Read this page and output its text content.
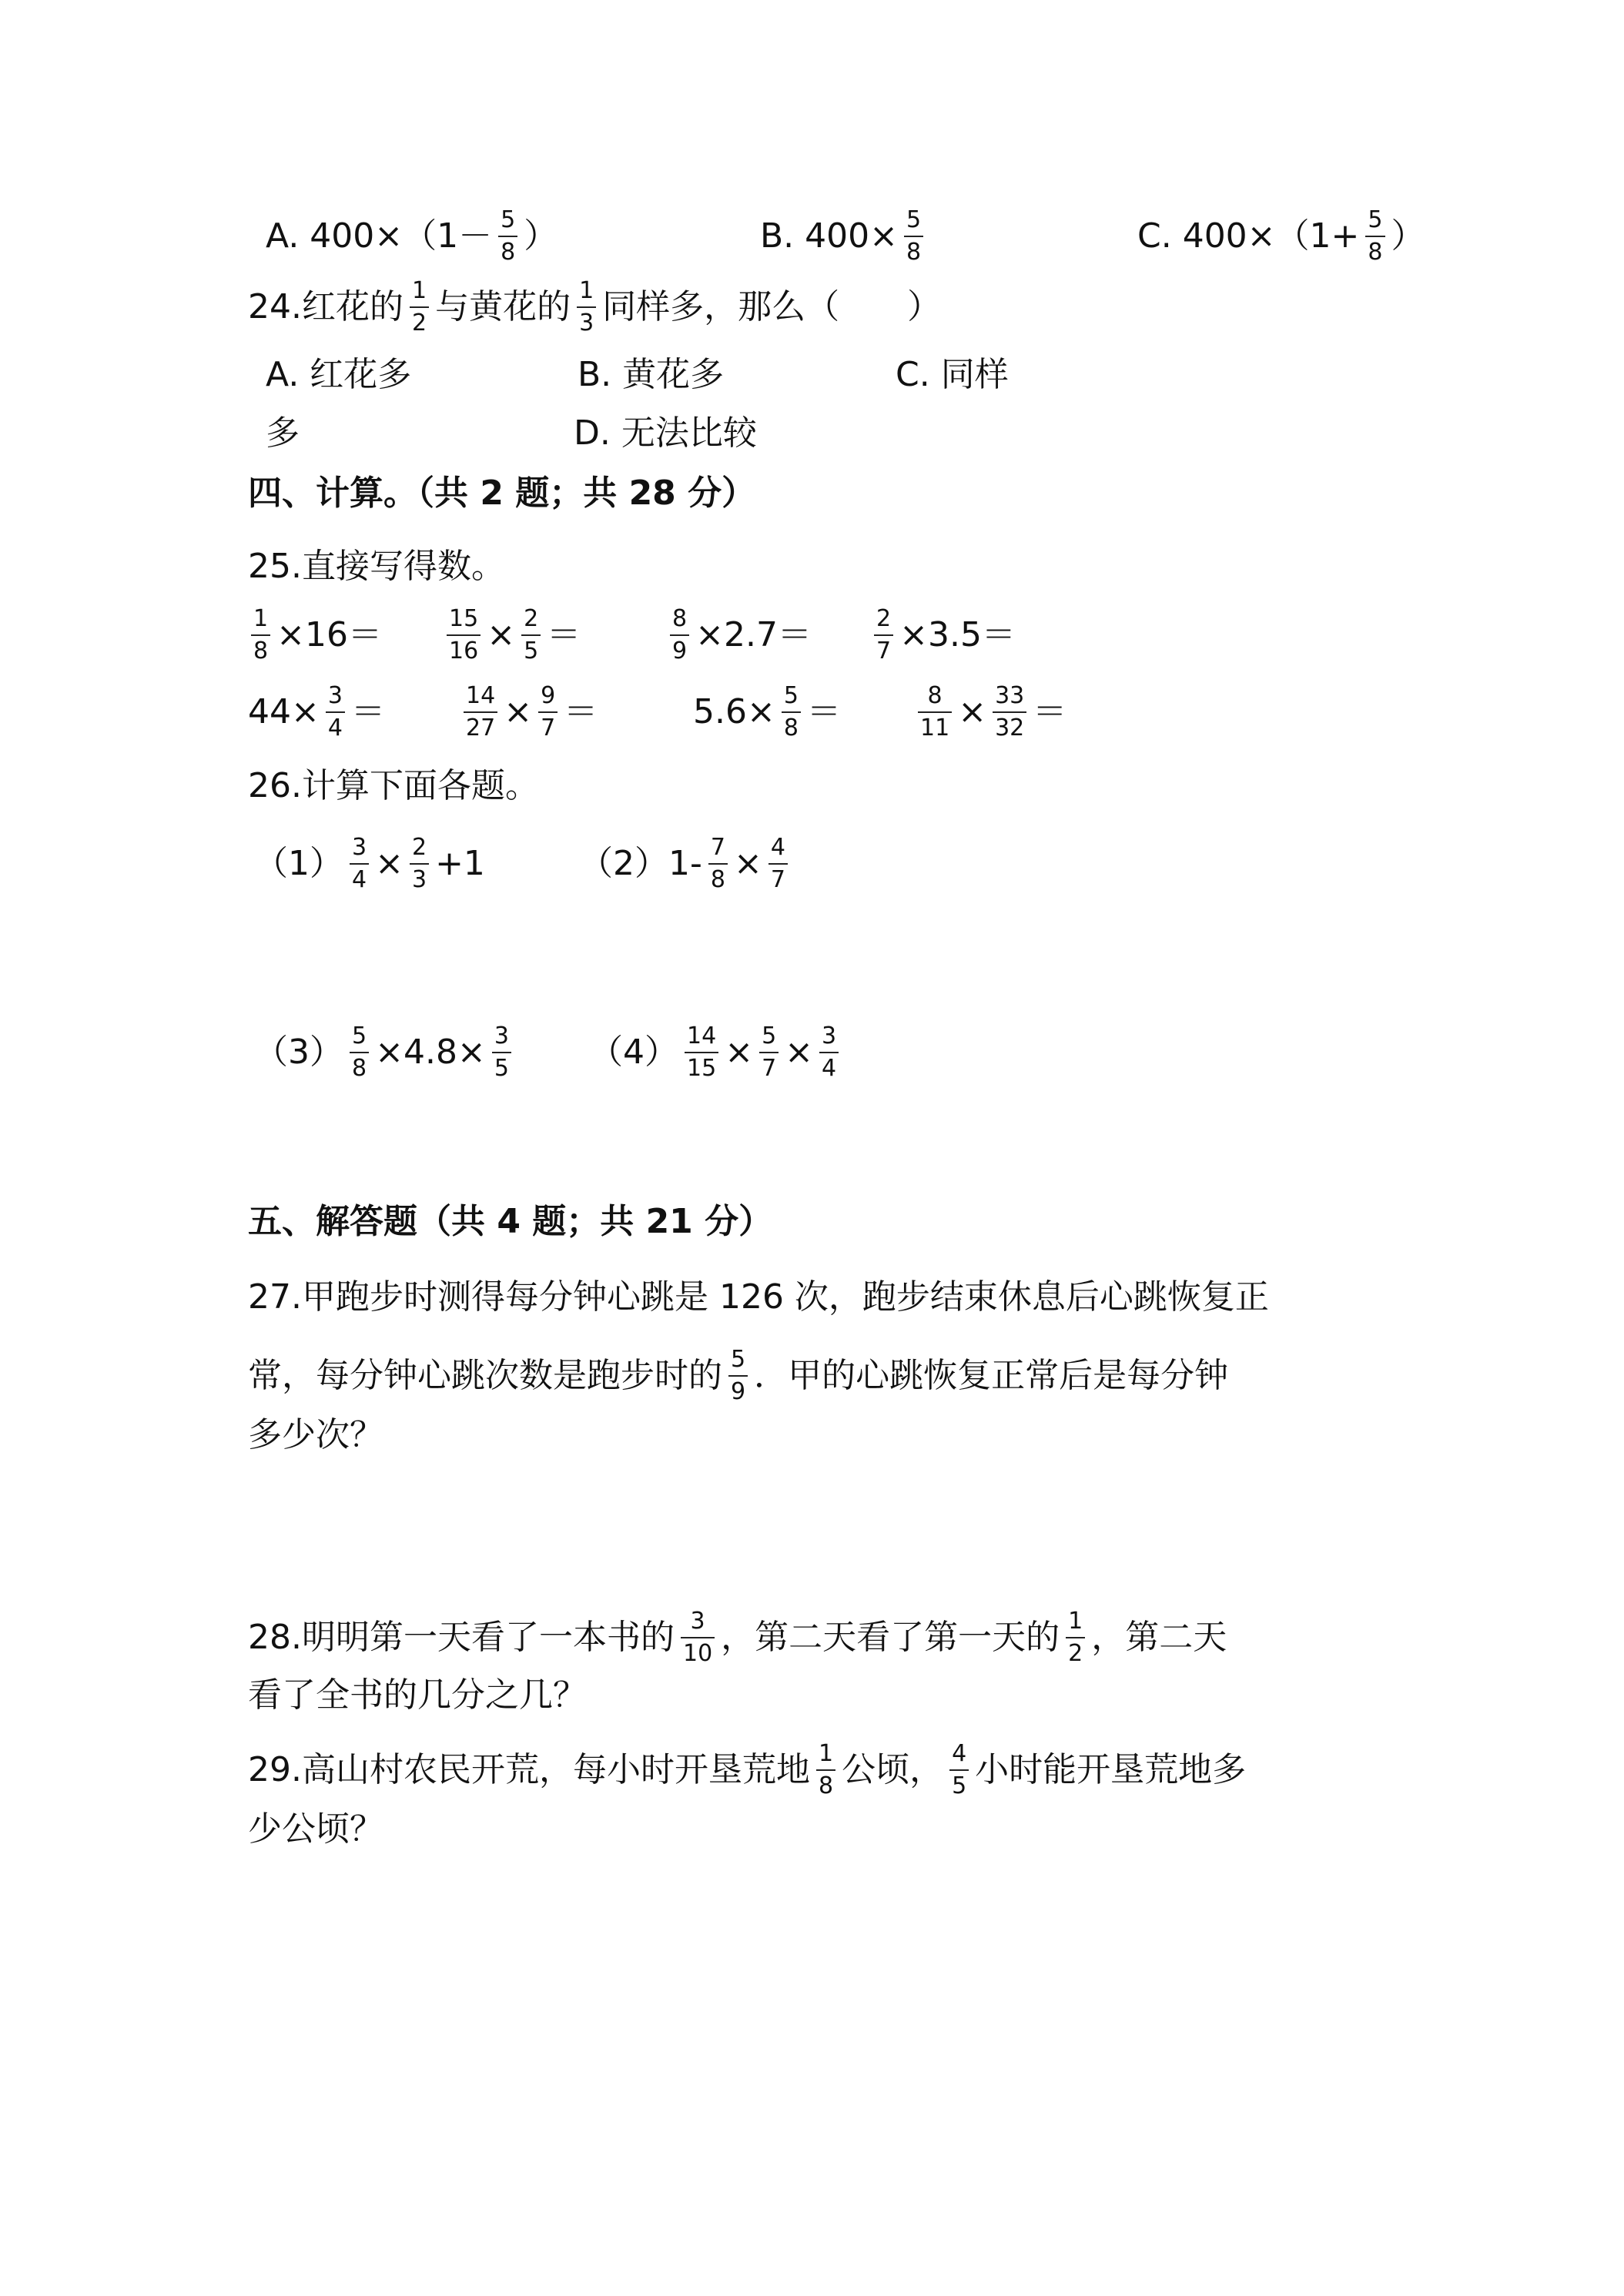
A. $400\times(1- \frac{5}{8}$ ）	B. $400\times \frac{5}{8}$	C. $400\times(1+ \frac{5}{8}$ ）
24.红花的 $\frac{1}{2}$ 与黄花的 $\frac{1}{3}$ 同样多，那么（　　）
A. 红花多	B. 黄花多	C. 同样
多	D. 无法比较
四、计算。（共 2 题；共 28 分）
25.直接写得数。
$\frac{1}{8} \times 16=$	$\frac{15}{16} \times \frac{2}{5}$ ＝	$\frac{8}{9} \times 2.7=$	$\frac{2}{7} \times 3.5=$
$44\times \frac{3}{4}$ ＝	$\frac{14}{27} \times \frac{9}{7}$ ＝	$5.6\times \frac{5}{8}$ ＝	$\frac{8}{11} \times \frac{33}{32}$ ＝
26.计算下面各题。
$(1) \frac{3}{4} \times \frac{2}{3} +1$	$(2)1- \frac{7}{8} \times \frac{4}{7}$
$(3) \frac{5}{8} \times 4.8\times \frac{3}{5} (4) \frac{14}{15} \times \frac{5}{7} \times \frac{3}{4}$
五、解答题（共 4 题；共 21 分）
27.甲跑步时测得每分钟心跳是 126 次，跑步结束休息后心跳恢复正
常，每分钟心跳次数是跑步时的 $\frac{5}{9}$ ．甲的心跳恢复正常后是每分钟
多少次？
28.明明第一天看了一本书的 $\frac{3}{10}$ ，第二天看了第一天的 $\frac{1}{2}$ ，第二天
看了全书的几分之几？
29.高山村农民开荒，每小时开垦荒地 $\frac{1}{8}$ 公顷， $\frac{4}{5}$ 小时能开垦荒地多
少公顷？
